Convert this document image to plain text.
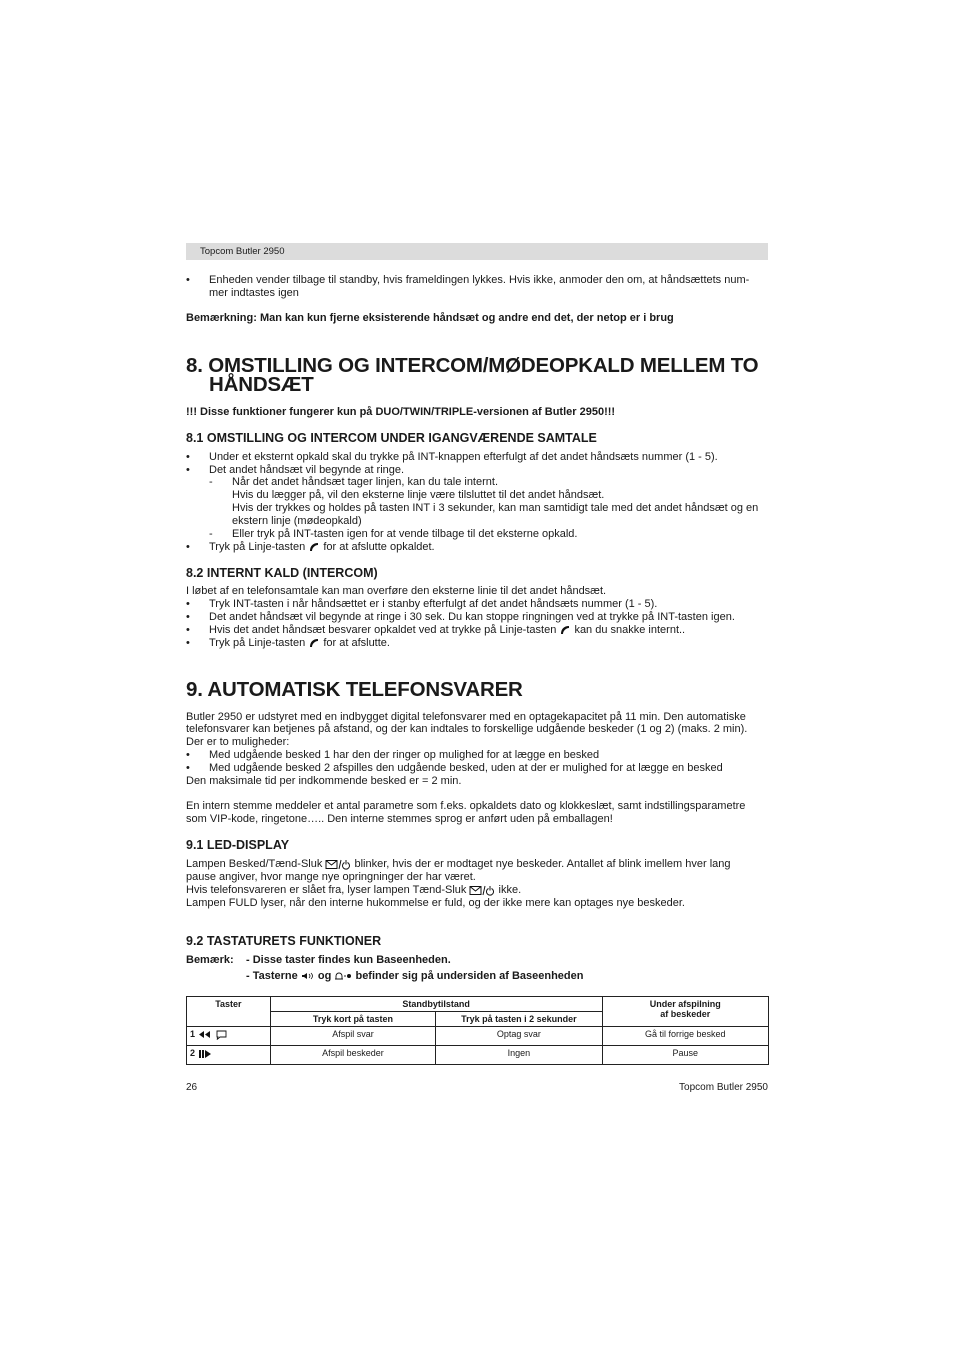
Topcom Butler 2950
• Enheden vender tilbage til standby, hvis frameldingen lykkes. Hvis ikke, anmoder den om, at håndsættets num-
mer indtastes igen
Bemærkning: Man kan kun fjerne eksisterende håndsæt og andre end det, der netop er i brug
8. OMSTILLING OG INTERCOM/MØDEOPKALD MELLEM TO
HÅNDSÆT
!!! Disse funktioner fungerer kun på DUO/TWIN/TRIPLE-versionen af Butler 2950!!!
8.1 OMSTILLING OG INTERCOM UNDER IGANGVÆRENDE SAMTALE
• Under et eksternt opkald skal du trykke på INT-knappen efterfulgt af det andet håndsæts nummer (1 - 5).
• Det andet håndsæt vil begynde at ringe.
- Når det andet håndsæt tager linjen, kan du tale internt.
Hvis du lægger på, vil den eksterne linje være tilsluttet til det andet håndsæt.
Hvis der trykkes og holdes på tasten INT i 3 sekunder, kan man samtidigt tale med det andet håndsæt og en
ekstern linje (mødeopkald)
- Eller tryk på INT-tasten igen for at vende tilbage til det eksterne opkald.
• Tryk på Linje-tasten for at afslutte opkaldet.
8.2 INTERNT KALD (INTERCOM)
I løbet af en telefonsamtale kan man overføre den eksterne linie til det andet håndsæt.
• Tryk INT-tasten i når håndsættet er i stanby efterfulgt af det andet håndsæts nummer (1 - 5).
• Det andet håndsæt vil begynde at ringe i 30 sek. Du kan stoppe ringningen ved at trykke på INT-tasten igen.
• Hvis det andet håndsæt besvarer opkaldet ved at trykke på Linje-tasten kan du snakke internt..
• Tryk på Linje-tasten for at afslutte.
9. AUTOMATISK TELEFONSVARER
Butler 2950 er udstyret med en indbygget digital telefonsvarer med en optagekapacitet på 11 min. Den automatiske
telefonsvarer kan betjenes på afstand, og der kan indtales to forskellige udgående beskeder (1 og 2) (maks. 2 min).
Der er to muligheder:
• Med udgående besked 1 har den der ringer op mulighed for at lægge en besked
• Med udgående besked 2 afspilles den udgående besked, uden at der er mulighed for at lægge en besked
Den maksimale tid per indkommende besked er = 2 min.
En intern stemme meddeler et antal parametre som f.eks. opkaldets dato og klokkeslæt, samt indstillingsparametre
som VIP-kode, ringetone….. Den interne stemmes sprog er anført uden på emballagen!
9.1 LED-DISPLAY
Lampen Besked/Tænd-Sluk	blinker, hvis der er modtaget nye beskeder. Antallet af blink imellem hver lang
pause angiver, hvor mange nye opringninger der har været.
Hvis telefonsvareren er slået fra, lyser lampen Tænd-Sluk	ikke.
Lampen FULD lyser, når den interne hukommelse er fuld, og der ikke mere kan optages nye beskeder.
9.2 TASTATURETS FUNKTIONER
Bemærk: - Disse taster findes kun Baseenheden.
- Tasterne og befinder sig på undersiden af Baseenheden
Taster	Standbytilstand		Under afspilning
af beskeder

	Tryk kort på tasten	Tryk på tasten i 2 sekunder	
1	Afspil svar	Optag svar	Gå til forrige besked
2	Afspil beskeder	Ingen	Pause
26	Topcom Butler 2950
